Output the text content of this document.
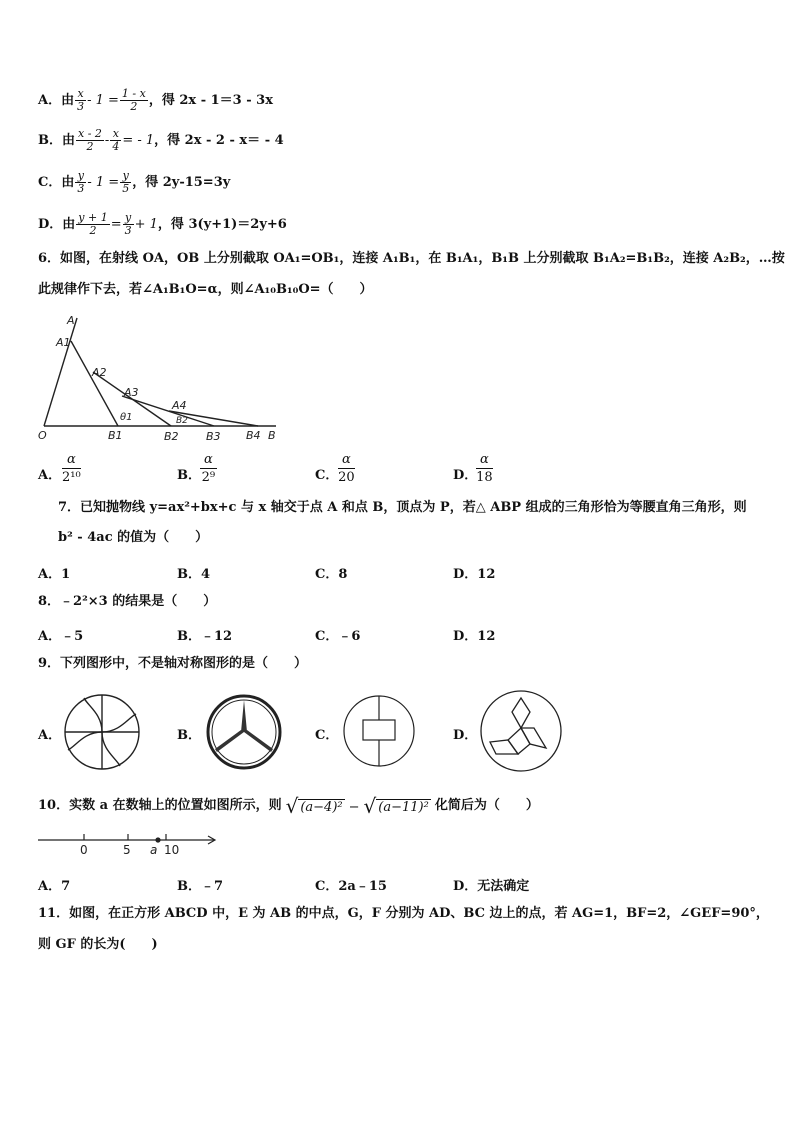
A．由 $\frac{x}{3} - 1 = \frac{1 - x}{2}$ ，得 2x - 1＝3 - 3x
B．由 $\frac{x - 2}{2} - \frac{x}{4}$ = - 1，得 2x - 2 - x＝ - 4
C．由 $\frac{y}{3} - 1 = \frac{y}{5}$ ，得 2y-15=3y
D．由 $\frac{y + 1}{2} = \frac{y}{3} + 1$，得 3(y+1)＝2y+6
6．如图，在射线 OA，OB 上分别截取 OA₁=OB₁，连接 A₁B₁，在 B₁A₁，B₁B 上分别截取 B₁A₂=B₁B₂，连接 A₂B₂，…按
此规律作下去，若∠A₁B₁O=α，则∠A₁₀B₁₀O=（　　）
A
A1
A2
A3
A4
θ1	B2
O	B1	B2 B3 B4 B
A． $\frac{\alpha}{\text{2¹⁰}}$	B． $\frac{\alpha}{\text{2⁹}}$	C． $\frac{\alpha}{20}$	D．
$\frac{\alpha}{18}$
7．已知抛物线 y=ax²+bx+c 与 x 轴交于点 A 和点 B，顶点为 P，若△ ABP 组成的三角形恰为等腰直角三角形，则
b² - 4ac 的值为（　　）
A．1	B．4	C．8	D．12
8．﹣2²×3 的结果是（　　）
A．﹣5	B．﹣12	C．﹣6	D．12
9．下列图形中，不是轴对称图形的是（　　）
A．	B．	C．	D．
10．实数 a 在数轴上的位置如图所示，则 √ (a−4)² − √ (a−11)² 化简后为（　　）
0	5 a 10
A．7	B．﹣7	C．2a﹣15	D．无法确定
11．如图，在正方形 ABCD 中，E 为 AB 的中点，G，F 分别为 AD、BC 边上的点，若 AG=1，BF=2，∠GEF=90°，
则 GF 的长为(　　)
